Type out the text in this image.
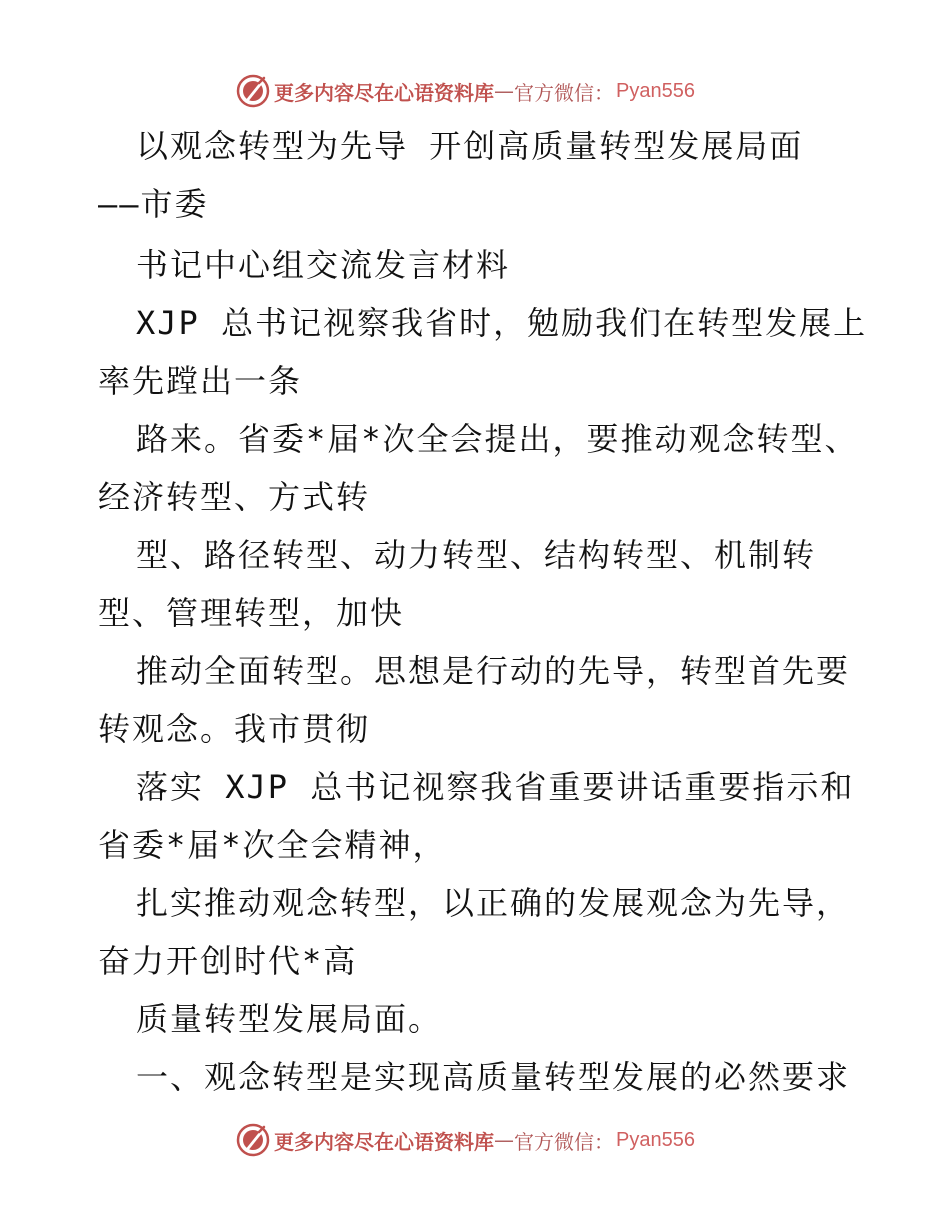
更多内容尽在心语资料库 — 官方微信： Pyan556
以观念转型为先导 开创高质量转型发展局面
——市委
书记中心组交流发言材料
XJP 总书记视察我省时，勉励我们在转型发展上
率先蹚出一条
路来。省委*届*次全会提出，要推动观念转型、
经济转型、方式转
型、路径转型、动力转型、结构转型、机制转
型、管理转型，加快
推动全面转型。思想是行动的先导，转型首先要
转观念。我市贯彻
落实 XJP 总书记视察我省重要讲话重要指示和
省委*届*次全会精神，
扎实推动观念转型，以正确的发展观念为先导，
奋力开创时代*高
质量转型发展局面。
一、观念转型是实现高质量转型发展的必然要求
更多内容尽在心语资料库 — 官方微信： Pyan556
